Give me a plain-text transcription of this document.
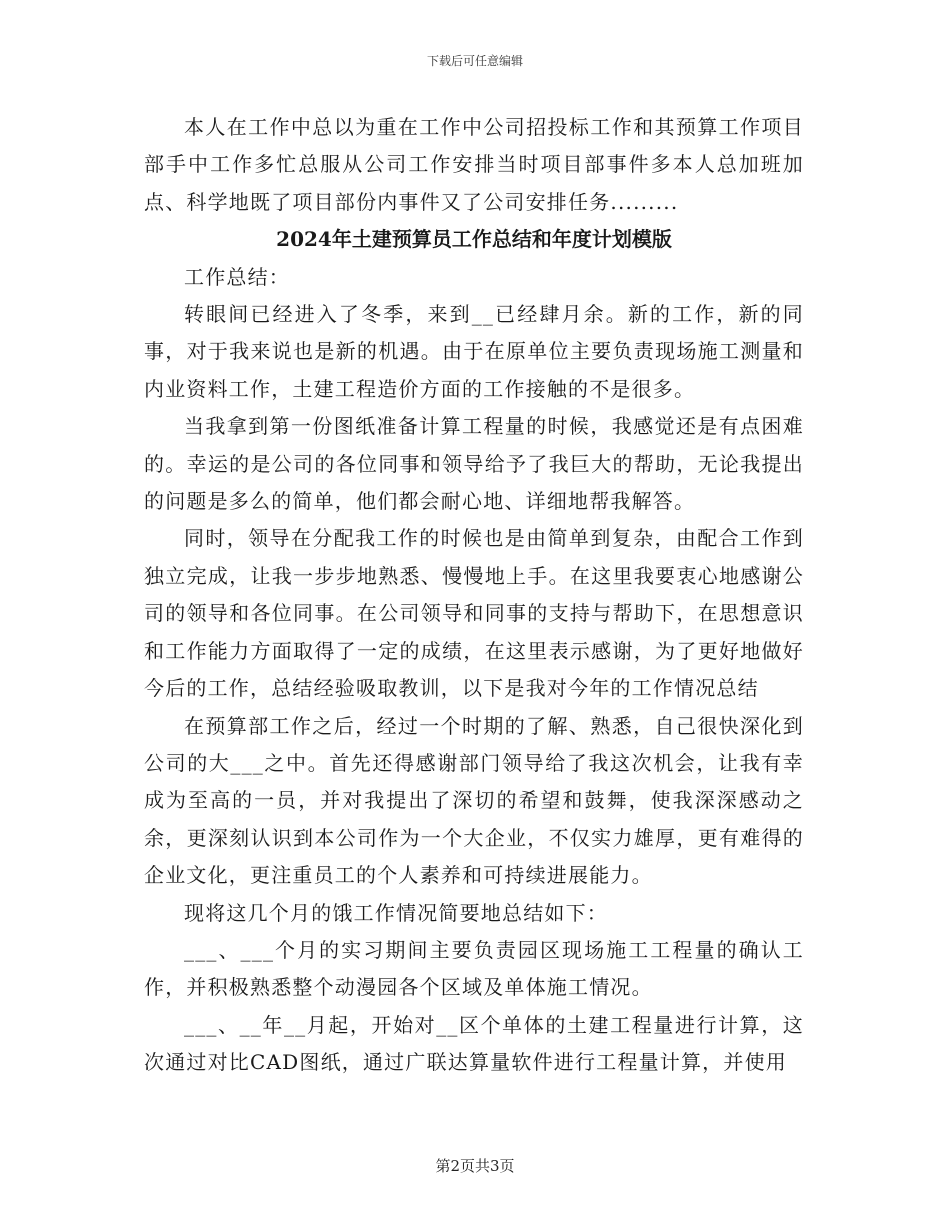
下载后可任意编辑

本人在工作中总以为重在工作中公司招投标工作和其预算工作项目部手中工作多忙总服从公司工作安排当时项目部事件多本人总加班加点、科学地既了项目部份内事件又了公司安排任务.........

2024年土建预算员工作总结和年度计划模版

工作总结：

转眼间已经进入了冬季，来到__已经肆月余。新的工作，新的同事，对于我来说也是新的机遇。由于在原单位主要负责现场施工测量和内业资料工作，土建工程造价方面的工作接触的不是很多。

当我拿到第一份图纸准备计算工程量的时候，我感觉还是有点困难的。幸运的是公司的各位同事和领导给予了我巨大的帮助，无论我提出的问题是多么的简单，他们都会耐心地、详细地帮我解答。

同时，领导在分配我工作的时候也是由简单到复杂，由配合工作到独立完成，让我一步步地熟悉、慢慢地上手。在这里我要衷心地感谢公司的领导和各位同事。在公司领导和同事的支持与帮助下，在思想意识和工作能力方面取得了一定的成绩，在这里表示感谢，为了更好地做好今后的工作，总结经验吸取教训，以下是我对今年的工作情况总结

在预算部工作之后，经过一个时期的了解、熟悉，自己很快深化到公司的大___之中。首先还得感谢部门领导给了我这次机会，让我有幸成为至高的一员，并对我提出了深切的希望和鼓舞，使我深深感动之余，更深刻认识到本公司作为一个大企业，不仅实力雄厚，更有难得的企业文化，更注重员工的个人素养和可持续进展能力。

现将这几个月的饿工作情况简要地总结如下：

___、___个月的实习期间主要负责园区现场施工工程量的确认工作，并积极熟悉整个动漫园各个区域及单体施工情况。

___、__年__月起，开始对__区个单体的土建工程量进行计算，这次通过对比CAD图纸，通过广联达算量软件进行工程量计算，并使用

第2页共3页
